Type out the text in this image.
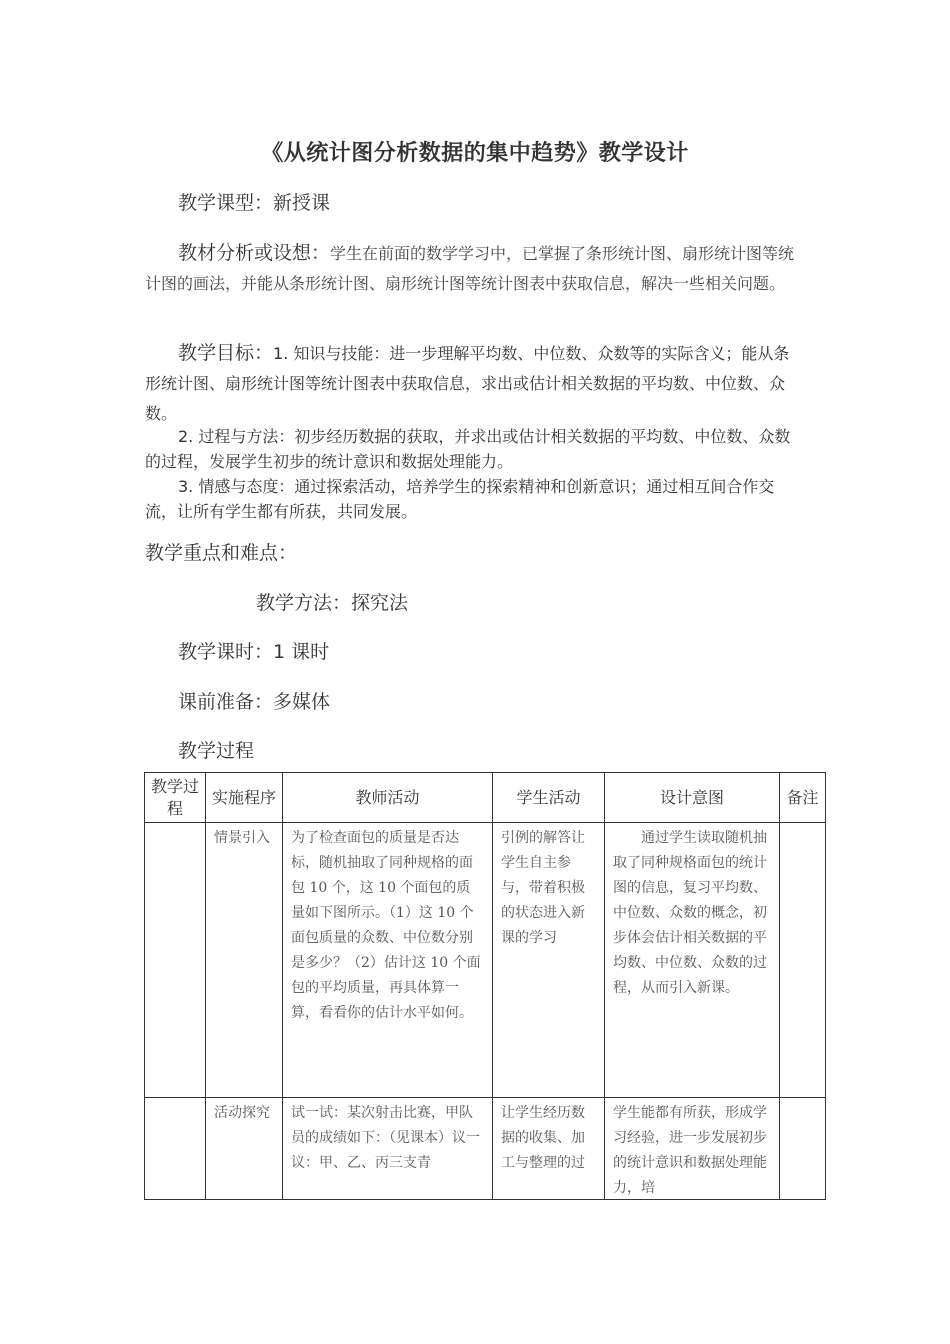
《从统计图分析数据的集中趋势》教学设计
教学课型：新授课
教材分析或设想：学生在前面的数学学习中，已掌握了条形统计图、扇形统计图等统计图的画法，并能从条形统计图、扇形统计图等统计图表中获取信息，解决一些相关问题。
教学目标：1. 知识与技能：进一步理解平均数、中位数、众数等的实际含义；能从条形统计图、扇形统计图等统计图表中获取信息，求出或估计相关数据的平均数、中位数、众数。
2. 过程与方法：初步经历数据的获取，并求出或估计相关数据的平均数、中位数、众数的过程，发展学生初步的统计意识和数据处理能力。
3. 情感与态度：通过探索活动，培养学生的探索精神和创新意识；通过相互间合作交流，让所有学生都有所获，共同发展。
教学重点和难点：
教学方法：探究法
教学课时：1 课时
课前准备：多媒体
教学过程
教学过程	实施程序	教师活动	学生活动	设计意图	备注

	情景引入	为了检查面包的质量是否达标，随机抽取了同种规格的面包 10 个，这 10 个面包的质量如下图所示。（1）这 10 个面包质量的众数、中位数分别是多少？（2）估计这 10 个面包的平均质量，再具体算一算，看看你的估计水平如何。	引例的解答让学生自主参与，带着积极的状态进入新课的学习	通过学生读取随机抽取了同种规格面包的统计图的信息，复习平均数、中位数、众数的概念，初步体会估计相关数据的平均数、中位数、众数的过程，从而引入新课。	

	活动探究	试一试：某次射击比赛，甲队员的成绩如下：（见课本）议一议：甲、乙、丙三支青	让学生经历数据的收集、加工与整理的过	学生能都有所获，形成学习经验，进一步发展初步的统计意识和数据处理能力，培	
